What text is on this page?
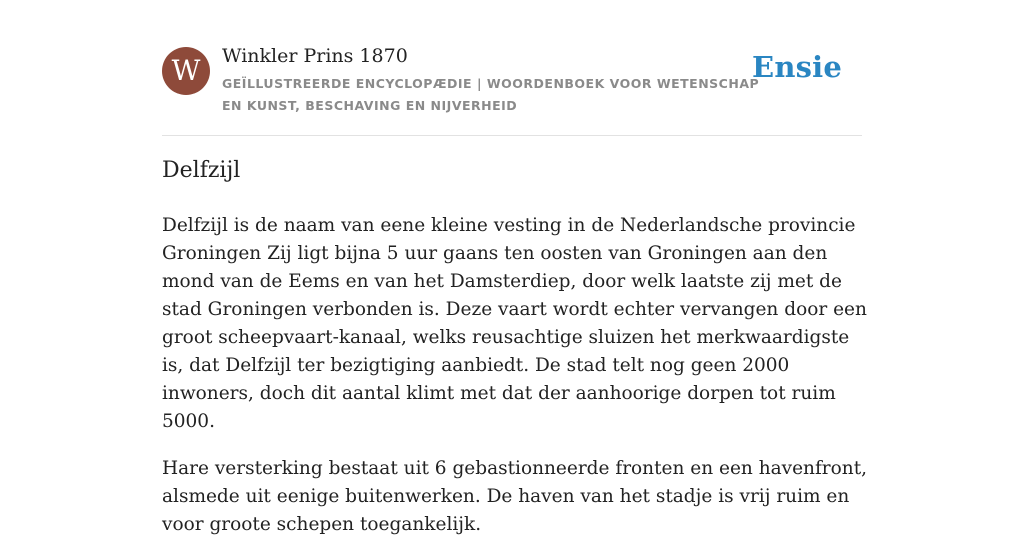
W	Winkler Prins 1870
GEÏLLUSTREERDE ENCYCLOPÆDIE | WOORDENBOEK VOOR WETENSCHAP EN KUNST, BESCHAVING EN NIJVERHEID
Ensie
Delfzijl

Delfzijl is de naam van eene kleine vesting in de Nederlandsche provincie Groningen Zij ligt bijna 5 uur gaans ten oosten van Groningen aan den mond van de Eems en van het Damsterdiep, door welk laatste zij met de stad Groningen verbonden is. Deze vaart wordt echter vervangen door een groot scheepvaart-kanaal, welks reusachtige sluizen het merkwaardigste is, dat Delfzijl ter bezigtiging aanbiedt. De stad telt nog geen 2000 inwoners, doch dit aantal klimt met dat der aanhoorige dorpen tot ruim 5000.

Hare versterking bestaat uit 6 gebastionneerde fronten en een havenfront, alsmede uit eenige buitenwerken. De haven van het stadje is vrij ruim en voor groote schepen toegankelijk.
